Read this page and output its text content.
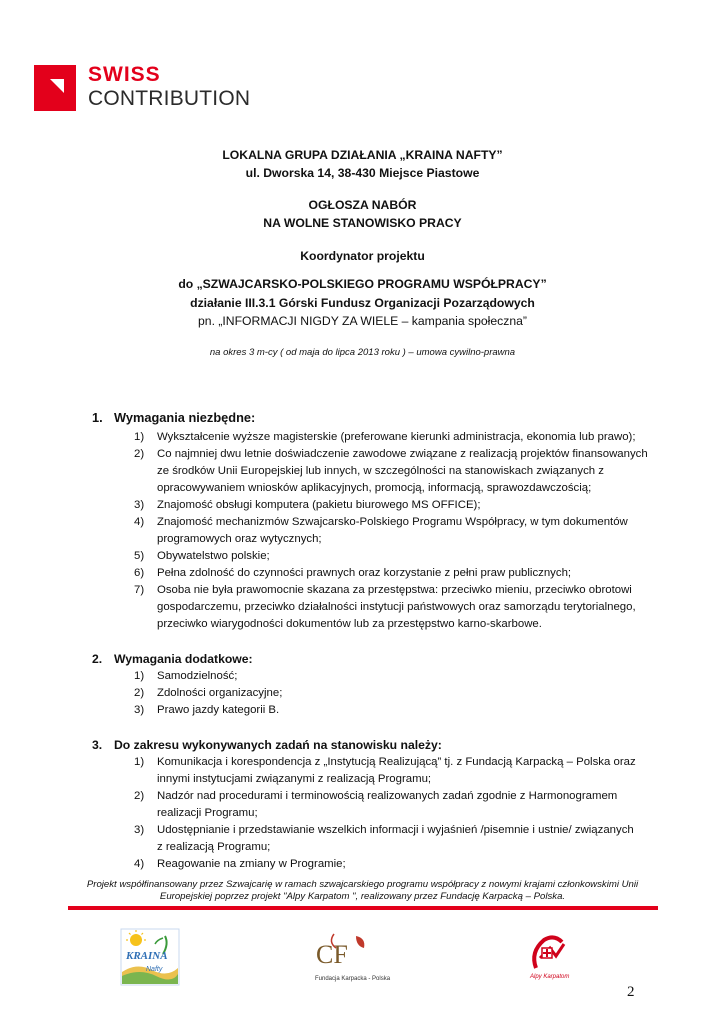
SWISS
CONTRIBUTION
LOKALNA GRUPA DZIAŁANIA „KRAINA NAFTY”
ul. Dworska 14, 38-430 Miejsce Piastowe
OGŁOSZA NABÓR
NA WOLNE STANOWISKO PRACY
Koordynator projektu
do „SZWAJCARSKO-POLSKIEGO PROGRAMU WSPÓŁPRACY”
działanie III.3.1 Górski Fundusz Organizacji Pozarządowych
pn. „INFORMACJI NIGDY ZA WIELE – kampania społeczna”
na okres 3 m-cy ( od maja do lipca 2013 roku ) – umowa cywilno-prawna
1. Wymagania niezbędne:
1) Wykształcenie wyższe magisterskie (preferowane kierunki administracja, ekonomia lub prawo);
2) Co najmniej dwu letnie doświadczenie zawodowe związane z realizacją projektów finansowanych
ze środków Unii Europejskiej lub innych, w szczególności na stanowiskach związanych z
opracowywaniem wniosków aplikacyjnych, promocją, informacją, sprawozdawczością;
3) Znajomość obsługi komputera (pakietu biurowego MS OFFICE);
4) Znajomość mechanizmów Szwajcarsko-Polskiego Programu Współpracy, w tym dokumentów
programowych oraz wytycznych;
5) Obywatelstwo polskie;
6) Pełna zdolność do czynności prawnych oraz korzystanie z pełni praw publicznych;
7) Osoba nie była prawomocnie skazana za przestępstwa: przeciwko mieniu, przeciwko obrotowi
gospodarczemu, przeciwko działalności instytucji państwowych oraz samorządu terytorialnego,
przeciwko wiarygodności dokumentów lub za przestępstwo karno-skarbowe.
2. Wymagania dodatkowe:
1) Samodzielność;
2) Zdolności organizacyjne;
3) Prawo jazdy kategorii B.
3. Do zakresu wykonywanych zadań na stanowisku należy:
1) Komunikacja i korespondencja z „Instytucją Realizującą” tj. z Fundacją Karpacką – Polska oraz
innymi instytucjami związanymi z realizacją Programu;
2) Nadzór nad procedurami i terminowością realizowanych zadań zgodnie z Harmonogramem
realizacji Programu;
3) Udostępnianie i przedstawianie wszelkich informacji i wyjaśnień /pisemnie i ustnie/ związanych
z realizacją Programu;
4) Reagowanie na zmiany w Programie;
Projekt współfinansowany przez Szwajcarię w ramach szwajcarskiego programu współpracy z nowymi krajami członkowskimi Unii
Europejskiej poprzez projekt "Alpy Karpatom ", realizowany przez Fundację Karpacką – Polska.
KRAINA
Nafty
CF
Fundacja Karpacka - Polska	Alpy Karpatom
2
